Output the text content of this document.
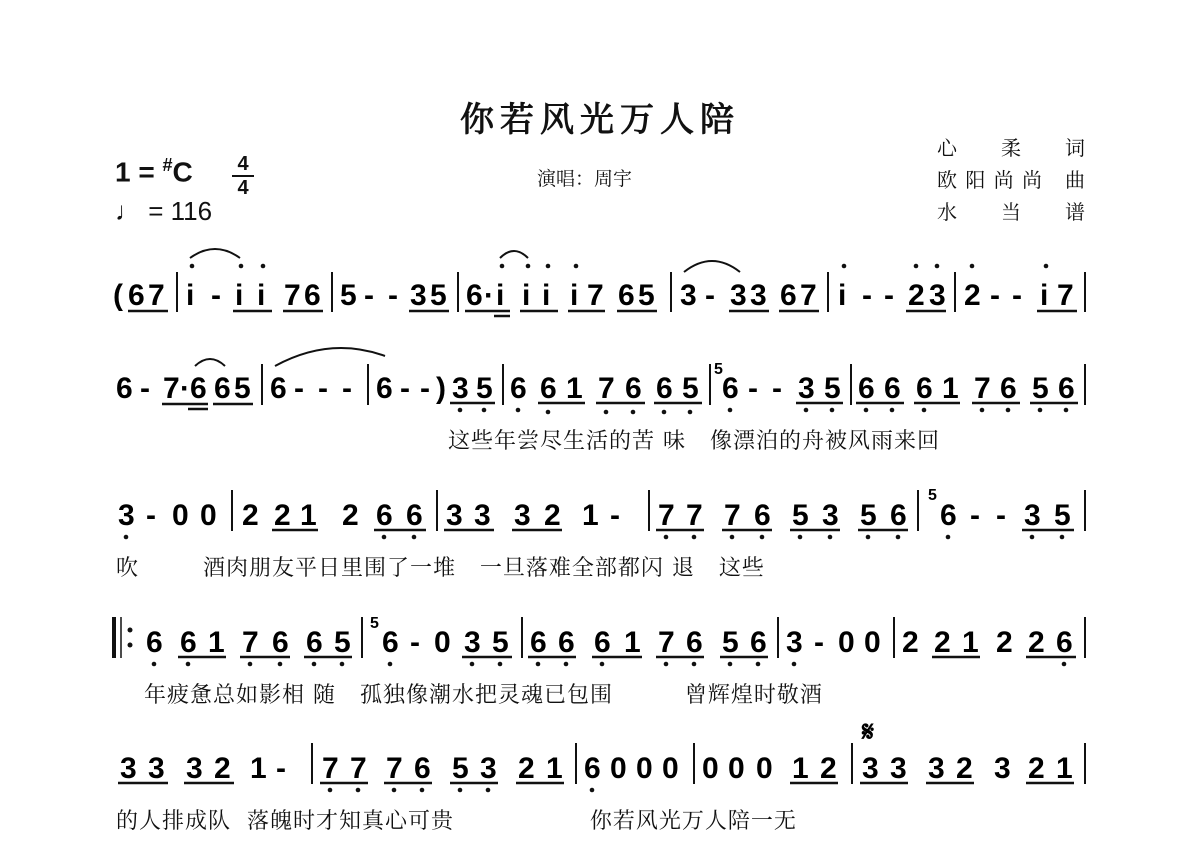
你若风光万人陪
1 = #C 4
4
♩ = 116
演唱：周宇
心 柔 词
欧阳尚尚 曲
水 当 谱
( 6 7 i - i i 7 6 5 - - 3 5 6 · i i i i 7 6 5 3 - 3 3 6 7 i - - 2 3 2 - - i 7
6 - 7 · 6 6 5 6 - - - 6 - - ) 3 5 6 6 1 7 6 6 5
5
6 - - 3 5 6 6 6 1 7 6 5 6
3 - 0 0 2 2 1 2 6 6 3 3 3 2 1 - 7 7 7 6 5 3 5 6
5
6 - - 3 5
6 6 1 7 6 6 5
5
6 - 0 3 5 6 6 6 1 7 6 5 6 3 - 0 0 2 2 1 2 2 6
3 3 3 2 1 - 7 7 7 6 5 3 2 1 6 0 0 0 0 0 0 1 2
𝄋
3 3 3 2 3 2 1
这些年尝尽生活的苦 味   像漂泊的舟被风雨来回
吹        酒肉朋友平日里围了一堆   一旦落难全部都闪 退   这些
年疲惫总如影相 随   孤独像潮水把灵魂已包围         曾辉煌时敬酒
的人排成队  落魄时才知真心可贵                 你若风光万人陪一无
